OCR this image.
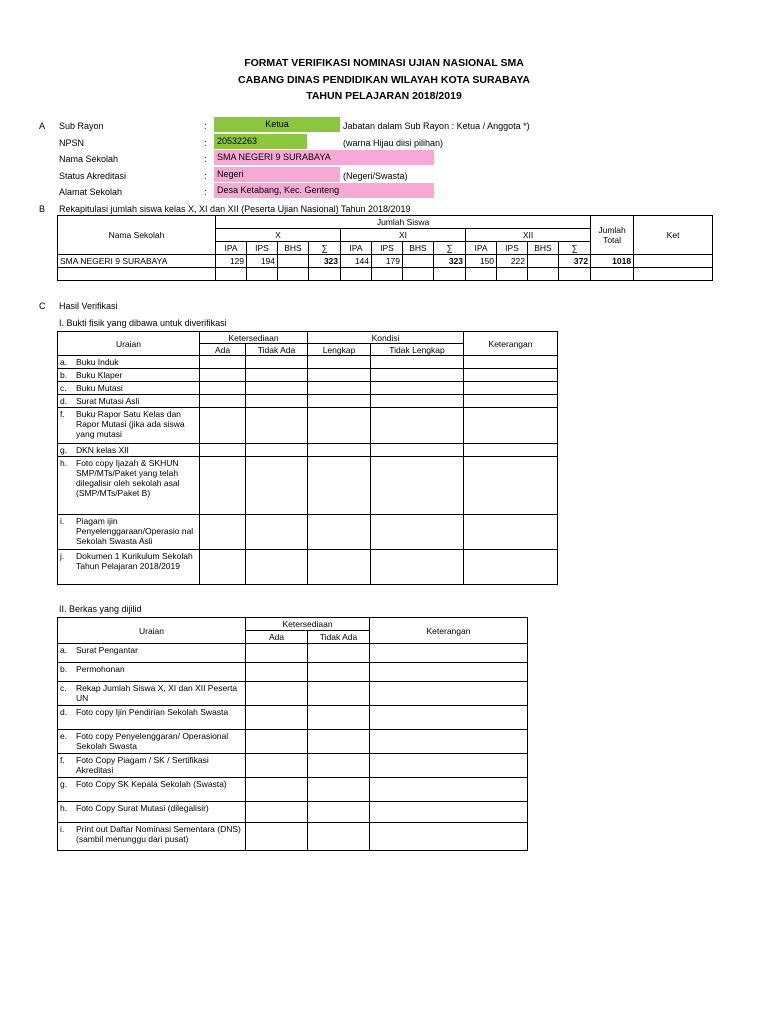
FORMAT VERIFIKASI NOMINASI UJIAN NASIONAL SMA
CABANG DINAS PENDIDIKAN WILAYAH KOTA SURABAYA
TAHUN PELAJARAN 2018/2019
A Sub Rayon	:	Ketua	Jabatan dalam Sub Rayon : Ketua / Anggota *)
NPSN	:	20532263	(warna Hijau diisi pilihan)
Nama Sekolah	:	SMA NEGERI 9 SURABAYA
Status Akreditasi	:	Negeri	(Negeri/Swasta)
Alamat Sekolah	:	Desa Ketabang, Kec. Genteng
B Rekapitulasi jumlah siswa kelas X, XI dan XII (Peserta Ujian Nasional) Tahun 2018/2019
Nama Sekolah	Jumlah Siswa												Jumlah Total	Ket
	X				XI				XII					
	IPA	IPS	BHS	∑	IPA	IPS	BHS	∑	IPA	IPS	BHS	∑		
SMA NEGERI 9 SURABAYA	129	194		323	144	179		323	150	222		372	1018	

C Hasil Verifikasi
I. Bukti fisik yang dibawa untuk diverifikasi
Uraian	Ketersediaan		Kondisi		Keterangan
	Ada	Tidak Ada	Lengkap	Tidak Lengkap	

a. Buku Induk					

b. Buku Klaper					

c. Buku Mutasi					

d. Surat Mutasi Asli					

f. Buku Rapor Satu Kelas dan Rapor Mutasi (jika ada siswa yang mutasi					

g. DKN kelas XII					

h. Foto copy Ijazah & SKHUN SMP/MTs/Paket yang telah dilegalisir oleh sekolah asal (SMP/MTs/Paket B)					

i. Piagam ijin Penyelenggaraan/Operasio nal Sekolah Swasta Asli					

j. Dokumen 1 Kurikulum Sekolah Tahun Pelajaran 2018/2019					

II. Berkas yang dijilid
Uraian	Ketersediaan		Keterangan
	Ada	Tidak Ada	

a. Surat Pengantar			

b. Permohonan			

c. Rekap Jumlah Siswa X, XI dan XII Peserta UN			

d. Foto copy Ijin Pendirian Sekolah Swasta			

e. Foto copy Penyelenggaran/ Operasional Sekolah Swasta			

f. Foto Copy Piagam / SK / Sertifikasi Akreditasi			

g. Foto Copy SK Kepala Sekolah (Swasta)			

h. Foto Copy Surat Mutasi (dilegalisir)			

i. Print out Daftar Nominasi Sementara (DNS) (sambil menunggu dari pusat)			
